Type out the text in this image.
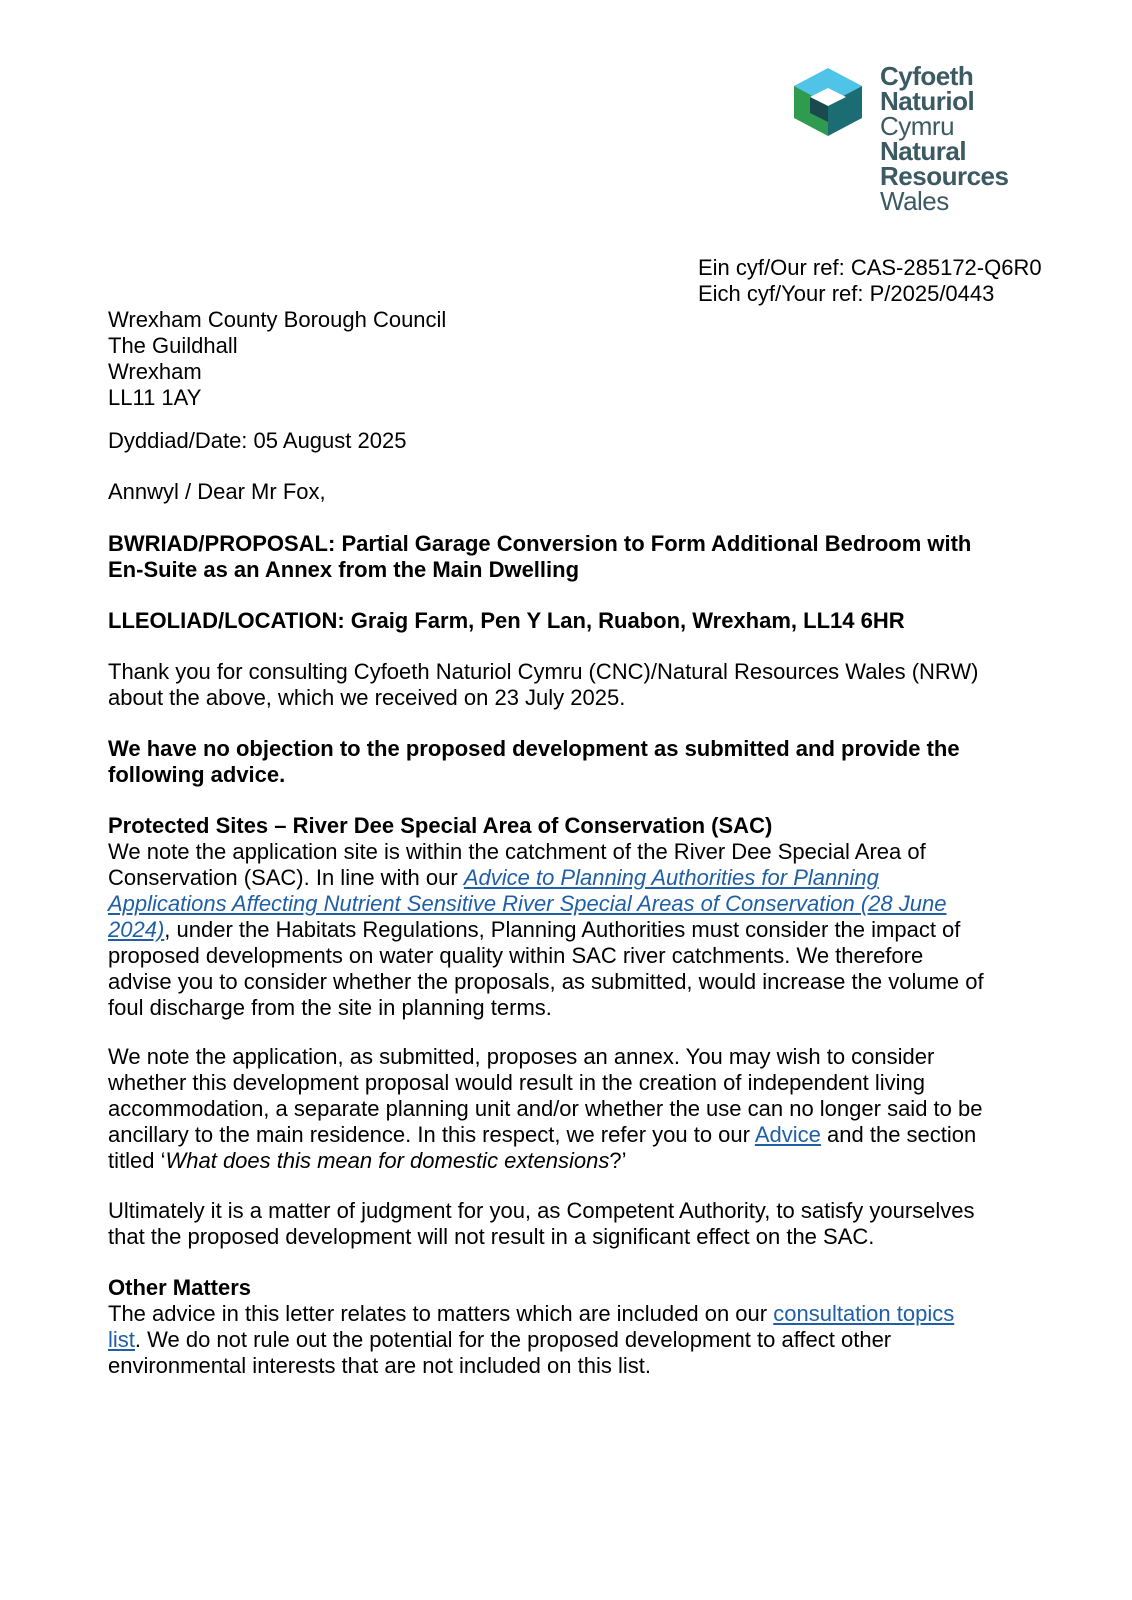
Cyfoeth
Naturiol
Cymru
Natural
Resources
Wales
Ein cyf/Our ref: CAS-285172-Q6R0
Eich cyf/Your ref: P/2025/0443
Wrexham County Borough Council
The Guildhall
Wrexham
LL11 1AY
Dyddiad/Date: 05 August 2025
Annwyl / Dear Mr Fox,
BWRIAD/PROPOSAL: Partial Garage Conversion to Form Additional Bedroom with
En-Suite as an Annex from the Main Dwelling
LLEOLIAD/LOCATION: Graig Farm, Pen Y Lan, Ruabon, Wrexham, LL14 6HR
Thank you for consulting Cyfoeth Naturiol Cymru (CNC)/Natural Resources Wales (NRW)
about the above, which we received on 23 July 2025.
We have no objection to the proposed development as submitted and provide the
following advice.
Protected Sites – River Dee Special Area of Conservation (SAC)
We note the application site is within the catchment of the River Dee Special Area of
Conservation (SAC). In line with our Advice to Planning Authorities for Planning
Applications Affecting Nutrient Sensitive River Special Areas of Conservation (28 June
2024), under the Habitats Regulations, Planning Authorities must consider the impact of
proposed developments on water quality within SAC river catchments. We therefore
advise you to consider whether the proposals, as submitted, would increase the volume of
foul discharge from the site in planning terms.
We note the application, as submitted, proposes an annex. You may wish to consider
whether this development proposal would result in the creation of independent living
accommodation, a separate planning unit and/or whether the use can no longer said to be
ancillary to the main residence. In this respect, we refer you to our Advice and the section
titled ‘What does this mean for domestic extensions?’
Ultimately it is a matter of judgment for you, as Competent Authority, to satisfy yourselves
that the proposed development will not result in a significant effect on the SAC.
Other Matters
The advice in this letter relates to matters which are included on our consultation topics
list. We do not rule out the potential for the proposed development to affect other
environmental interests that are not included on this list.
